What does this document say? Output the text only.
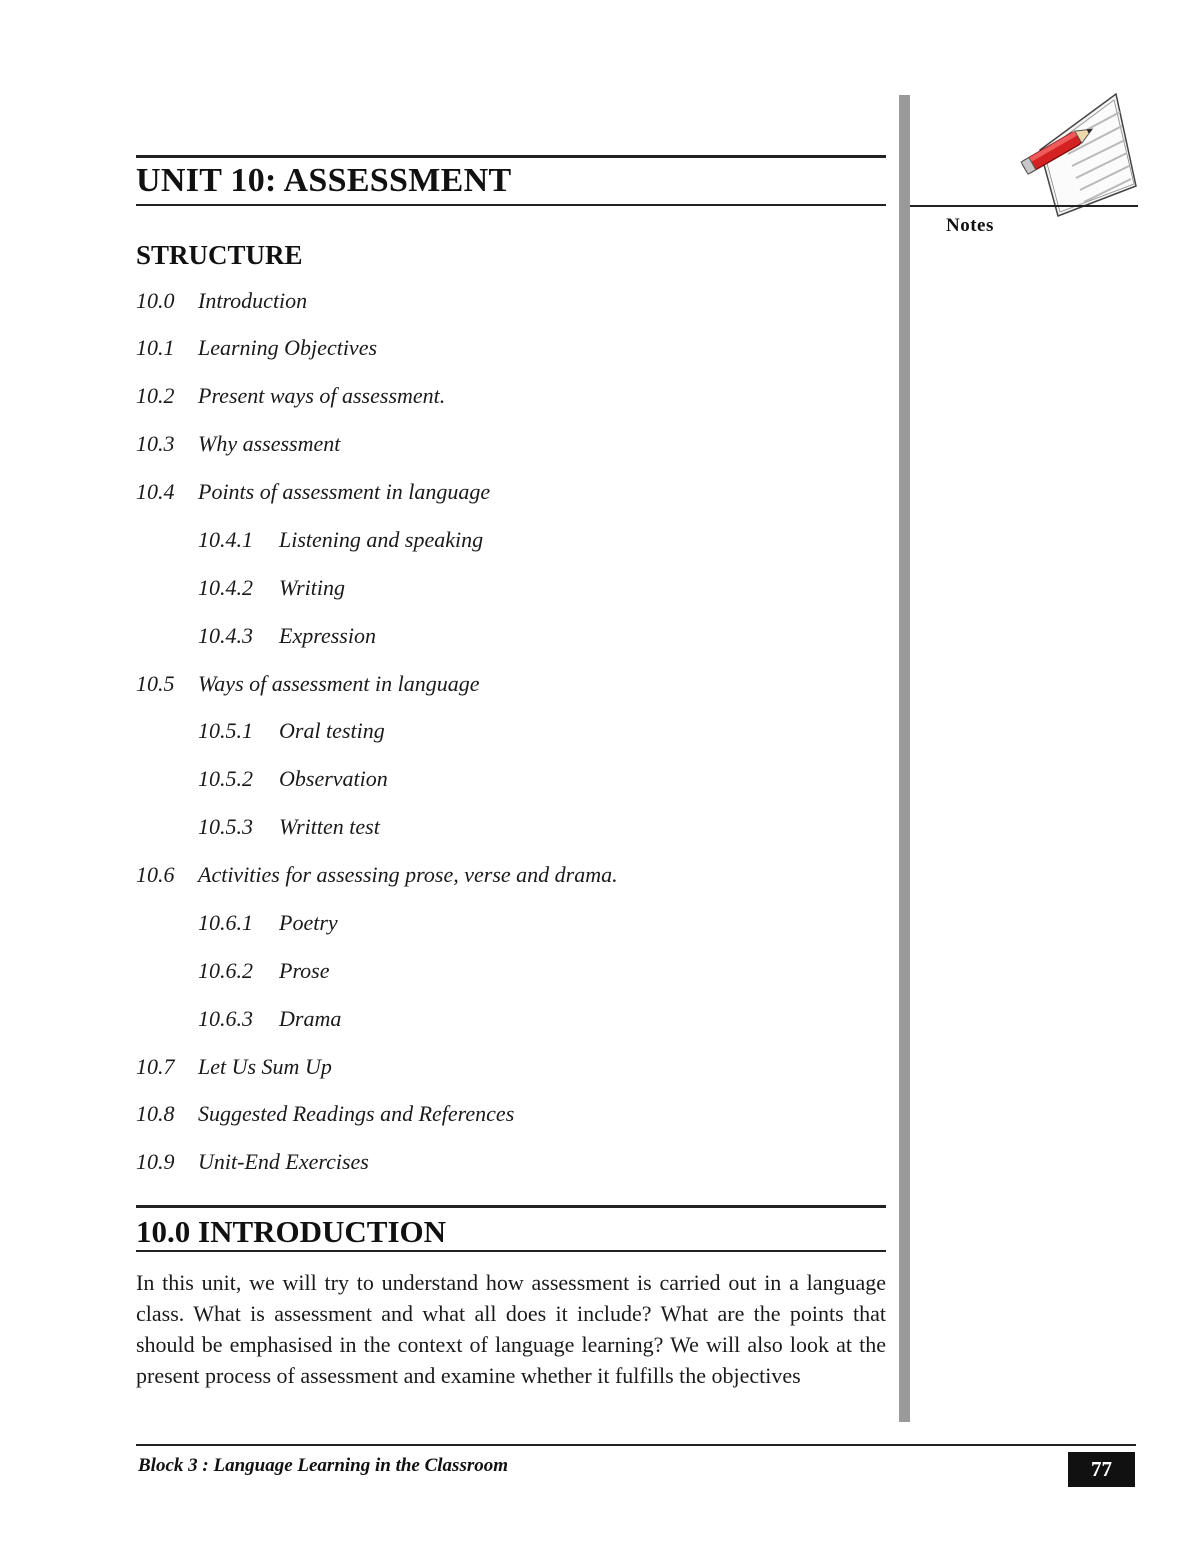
Notes
UNIT 10: ASSESSMENT
STRUCTURE
10.0 Introduction
10.1 Learning Objectives
10.2 Present ways of assessment.
10.3 Why assessment
10.4 Points of assessment in language
10.4.1 Listening and speaking
10.4.2 Writing
10.4.3 Expression
10.5 Ways of assessment in language
10.5.1 Oral testing
10.5.2 Observation
10.5.3 Written test
10.6 Activities for assessing prose, verse and drama.
10.6.1 Poetry
10.6.2 Prose
10.6.3 Drama
10.7 Let Us Sum Up
10.8 Suggested Readings and References
10.9 Unit-End Exercises
10.0 INTRODUCTION
In this unit, we will try to understand how assessment is carried out in a language class. What is assessment and what all does it include? What are the points that should be emphasised in the context of language learning? We will also look at the present process of assessment and examine whether it fulfills the objectives
Block 3 : Language Learning in the Classroom	77
